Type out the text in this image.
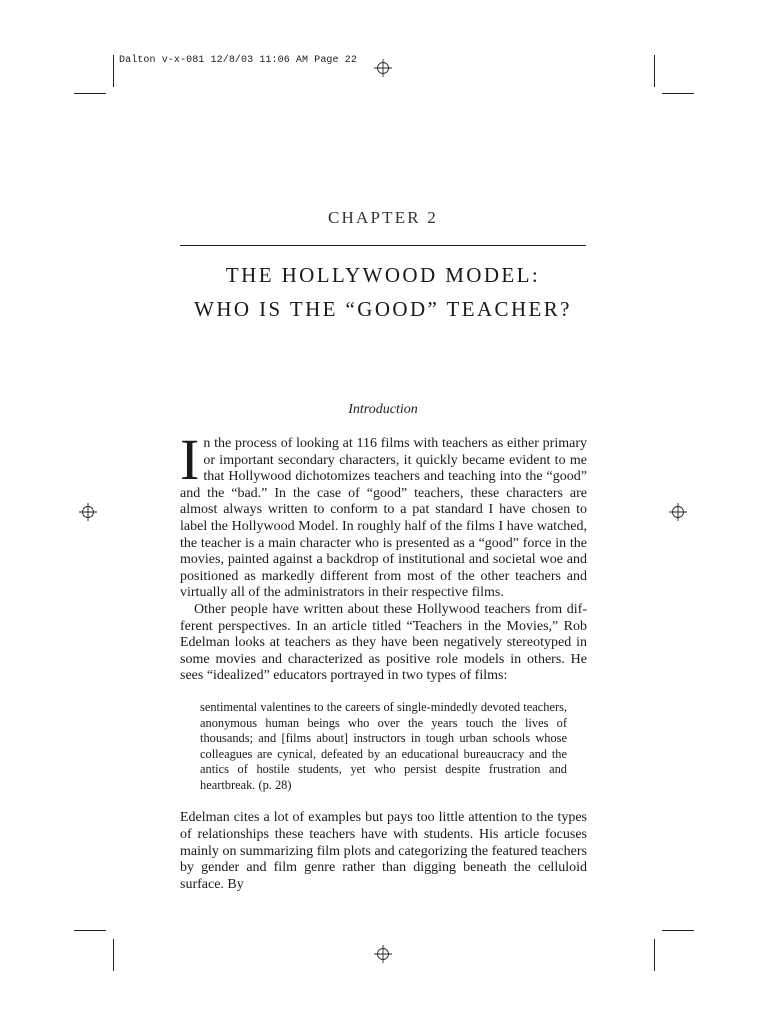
Dalton v-x-081 12/8/03 11:06 AM Page 22
CHAPTER 2
THE HOLLYWOOD MODEL:
WHO IS THE “GOOD” TEACHER?
Introduction

In the process of looking at 116 films with teachers as either primary or important secondary characters, it quickly became evident to me that Hollywood dichotomizes teachers and teaching into the “good” and the “bad.” In the case of “good” teachers, these characters are almost always written to conform to a pat standard I have chosen to label the Hollywood Model. In roughly half of the films I have watched, the teacher is a main character who is presented as a “good” force in the movies, painted against a backdrop of institutional and societal woe and positioned as markedly different from most of the other teachers and virtually all of the administrators in their respective films.

Other people have written about these Hollywood teachers from different perspectives. In an article titled “Teachers in the Movies,” Rob Edelman looks at teachers as they have been negatively stereotyped in some movies and characterized as positive role models in others. He sees “idealized” educators portrayed in two types of films:

sentimental valentines to the careers of single-mindedly devoted teachers, anonymous human beings who over the years touch the lives of thousands; and [films about] instructors in tough urban schools whose colleagues are cynical, defeated by an educational bureaucracy and the antics of hostile students, yet who persist despite frustration and heartbreak. (p. 28)

Edelman cites a lot of examples but pays too little attention to the types of relationships these teachers have with students. His article focuses mainly on summarizing film plots and categorizing the featured teachers by gender and film genre rather than digging beneath the celluloid surface. By
